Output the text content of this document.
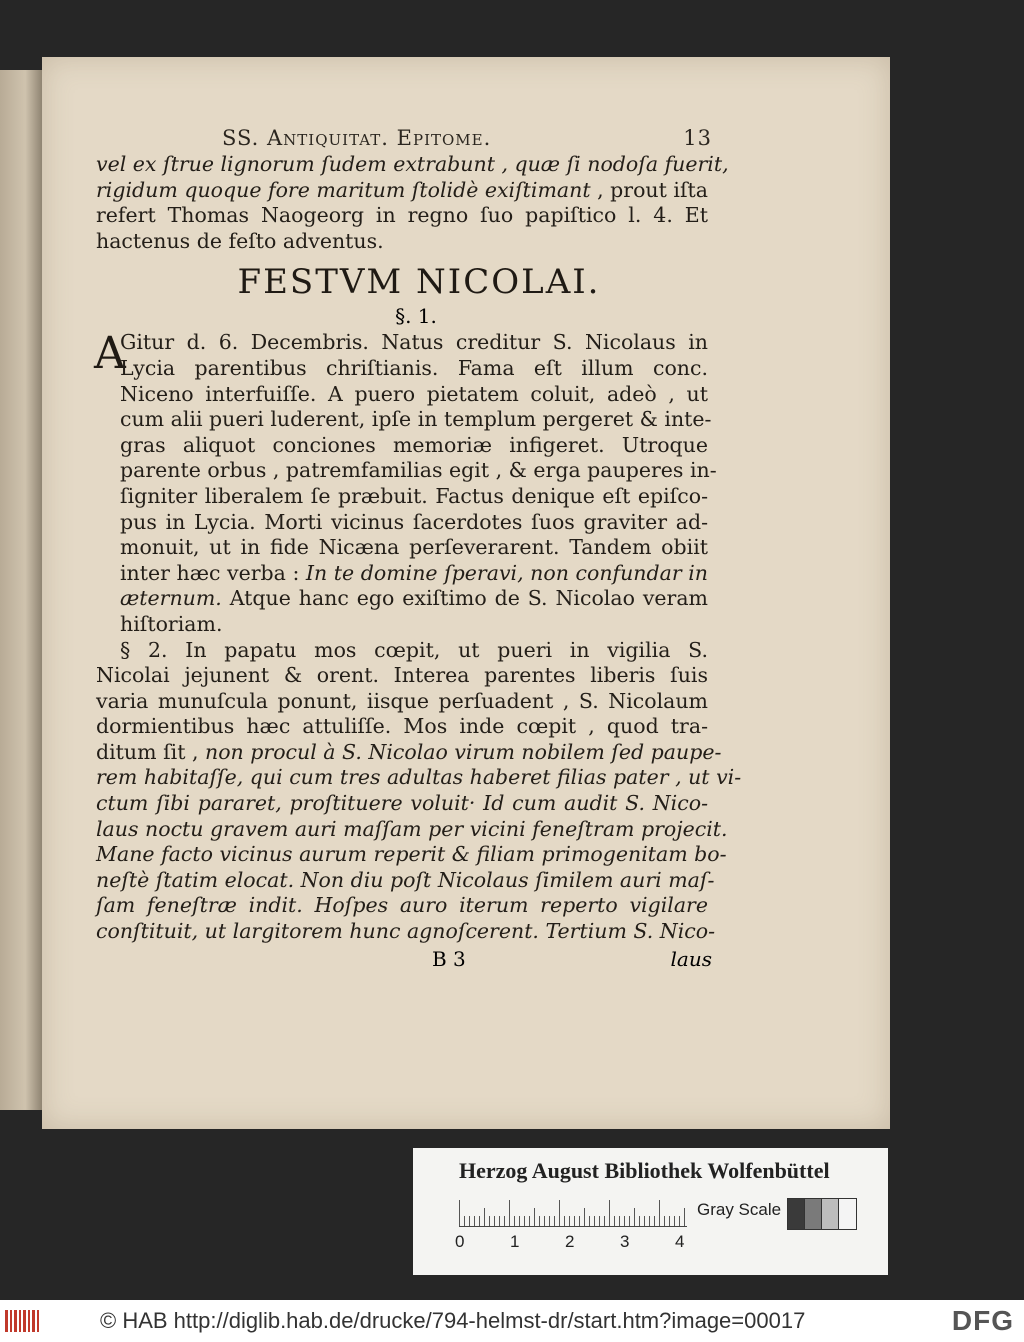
SS. Antiquitat. Epitome.	13
vel ex ſtrue lignorum ſudem extrabunt , quæ ſi nodoſa fuerit,
rigidum quoque fore maritum ſtolidè exiſtimant , prout iſta
refert Thomas Naogeorg in regno ſuo papiſtico l. 4. Et
hactenus de feſto adventus.
FESTVM NICOLAI.
§. 1.
A
Gitur d. 6. Decembris. Natus creditur S. Nicolaus in
Lycia parentibus chriſtianis. Fama eſt illum conc.
Niceno interfuiſſe. A puero pietatem coluit, adeò , ut
cum alii pueri luderent, ipſe in templum pergeret & inte-
gras aliquot conciones memoriæ infigeret. Utroque
parente orbus , patremfamilias egit , & erga pauperes in-
ſigniter liberalem ſe præbuit. Factus denique eſt epiſco-
pus in Lycia. Morti vicinus ſacerdotes ſuos graviter ad-
monuit, ut in fide Nicæna perſeverarent. Tandem obiit
inter hæc verba : In te domine ſperavi, non confundar in
æternum. Atque hanc ego exiſtimo de S. Nicolao veram
hiſtoriam.
§ 2. In papatu mos cœpit, ut pueri in vigilia S.
Nicolai jejunent & orent. Interea parentes liberis ſuis
varia munuſcula ponunt, iisque perſuadent , S. Nicolaum
dormientibus hæc attuliſſe. Mos inde cœpit , quod tra-
ditum ſit , non procul à S. Nicolao virum nobilem ſed paupe-
rem habitaſſe, qui cum tres adultas haberet filias pater , ut vi-
ctum ſibi pararet, proſtituere voluit· Id cum audit S. Nico-
laus noctu gravem auri maſſam per vicini feneſtram projecit.
Mane facto vicinus aurum reperit & filiam primogenitam bo-
neſtè ſtatim elocat. Non diu poſt Nicolaus ſimilem auri maſ-
ſam feneſtræ indit. Hoſpes auro iterum reperto vigilare
conſtituit, ut largitorem hunc agnoſcerent. Tertium S. Nico-
B 3	laus
Herzog August Bibliothek Wolfenbüttel
0	1	2	3	4
Gray Scale
© HAB http://diglib.hab.de/drucke/794-helmst-dr/start.htm?image=00017	DFG
